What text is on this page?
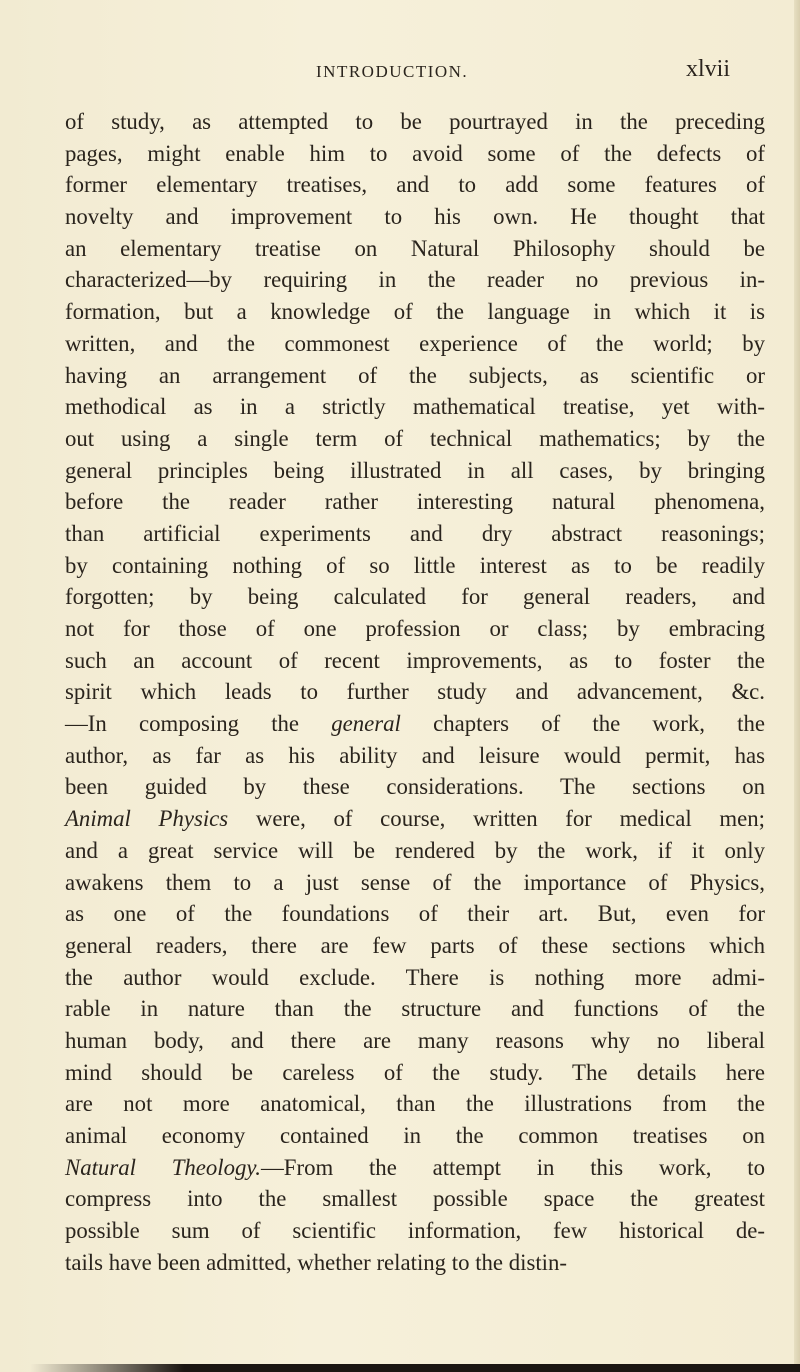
INTRODUCTION.	xlvii
of study, as attempted to be pourtrayed in the preceding
pages, might enable him to avoid some of the defects of
former elementary treatises, and to add some features of
novelty and improvement to his own. He thought that
an elementary treatise on Natural Philosophy should be
characterized—by requiring in the reader no previous in-
formation, but a knowledge of the language in which it is
written, and the commonest experience of the world; by
having an arrangement of the subjects, as scientific or
methodical as in a strictly mathematical treatise, yet with-
out using a single term of technical mathematics; by the
general principles being illustrated in all cases, by bringing
before the reader rather interesting natural phenomena,
than artificial experiments and dry abstract reasonings;
by containing nothing of so little interest as to be readily
forgotten; by being calculated for general readers, and
not for those of one profession or class; by embracing
such an account of recent improvements, as to foster the
spirit which leads to further study and advancement, &c.
—In composing the general chapters of the work, the
author, as far as his ability and leisure would permit, has
been guided by these considerations. The sections on
Animal Physics were, of course, written for medical men;
and a great service will be rendered by the work, if it only
awakens them to a just sense of the importance of Physics,
as one of the foundations of their art. But, even for
general readers, there are few parts of these sections which
the author would exclude. There is nothing more admi-
rable in nature than the structure and functions of the
human body, and there are many reasons why no liberal
mind should be careless of the study. The details here
are not more anatomical, than the illustrations from the
animal economy contained in the common treatises on
Natural Theology.—From the attempt in this work, to
compress into the smallest possible space the greatest
possible sum of scientific information, few historical de-
tails have been admitted, whether relating to the distin-
